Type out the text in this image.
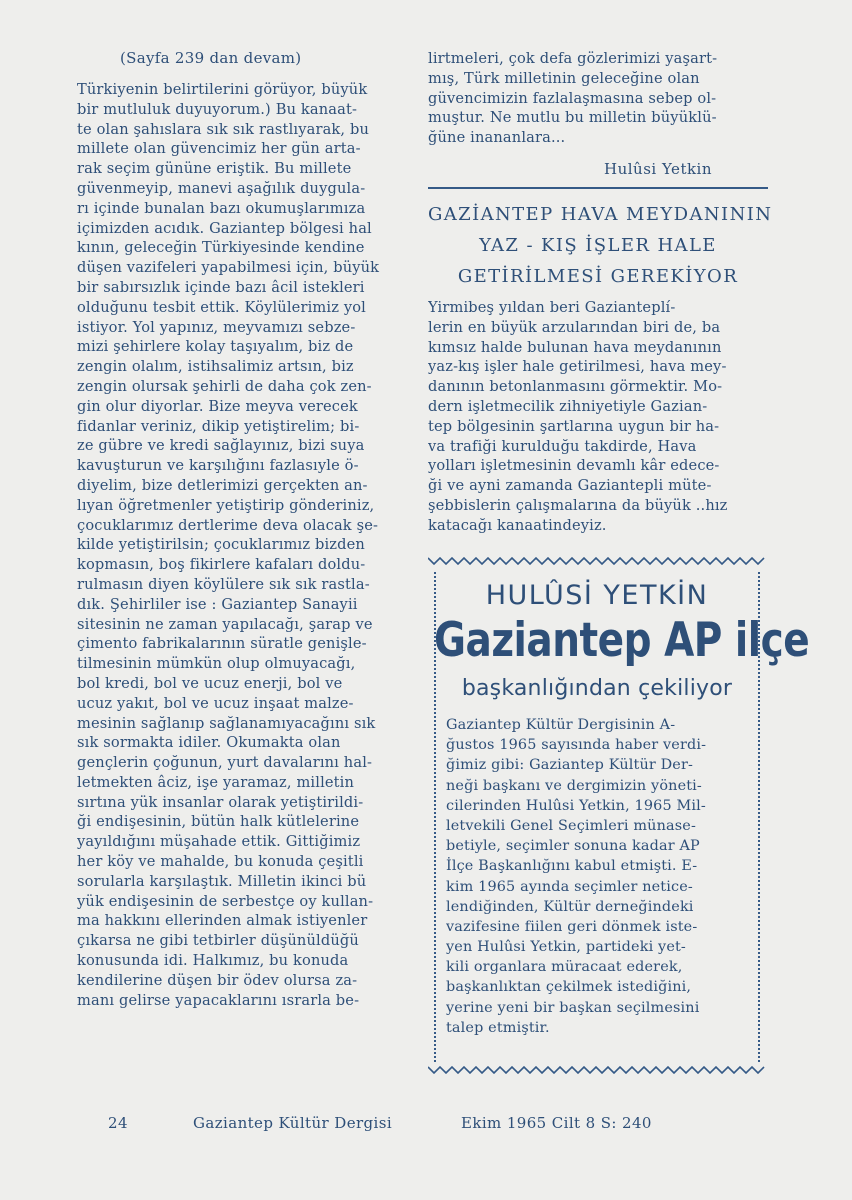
(Sayfa 239 dan devam)
Türkiyenin belirtilerini görüyor, büyük
bir mutluluk duyuyorum.) Bu kanaat-
te olan şahıslara sık sık rastlıyarak, bu
millete olan güvencimiz her gün arta-
rak seçim gününe eriştik. Bu millete
güvenmeyip, manevi aşağılık duygula-
rı içinde bunalan bazı okumuşlarımıza
içimizden acıdık. Gaziantep bölgesi hal
kının, geleceğin Türkiyesinde kendine
düşen vazifeleri yapabilmesi için, büyük
bir sabırsızlık içinde bazı âcil istekleri
olduğunu tesbit ettik. Köylülerimiz yol
istiyor. Yol yapınız, meyvamızı sebze-
mizi şehirlere kolay taşıyalım, biz de
zengin olalım, istihsalimiz artsın, biz
zengin olursak şehirli de daha çok zen-
gin olur diyorlar. Bize meyva verecek
fidanlar veriniz, dikip yetiştirelim; bi-
ze gübre ve kredi sağlayınız, bizi suya
kavuşturun ve karşılığını fazlasıyle ö-
diyelim, bize detlerimizi gerçekten an-
lıyan öğretmenler yetiştirip gönderiniz,
çocuklarımız dertlerime deva olacak şe-
kilde yetiştirilsin; çocuklarımız bizden
kopmasın, boş fikirlere kafaları doldu-
rulmasın diyen köylülere sık sık rastla-
dık. Şehirliler ise : Gaziantep Sanayii
sitesinin ne zaman yapılacağı, şarap ve
çimento fabrikalarının süratle genişle-
tilmesinin mümkün olup olmuyacağı,
bol kredi, bol ve ucuz enerji, bol ve
ucuz yakıt, bol ve ucuz inşaat malze-
mesinin sağlanıp sağlanamıyacağını sık
sık sormakta idiler. Okumakta olan
gençlerin çoğunun, yurt davalarını hal-
letmekten âciz, işe yaramaz, milletin
sırtına yük insanlar olarak yetiştirildi-
ği endişesinin, bütün halk kütlelerine
yayıldığını müşahade ettik. Gittiğimiz
her köy ve mahalde, bu konuda çeşitli
sorularla karşılaştık. Milletin ikinci bü
yük endişesinin de serbestçe oy kullan-
ma hakkını ellerinden almak istiyenler
çıkarsa ne gibi tetbirler düşünüldüğü
konusunda idi. Halkımız, bu konuda
kendilerine düşen bir ödev olursa za-
manı gelirse yapacaklarını ısrarla be-
lirtmeleri, çok defa gözlerimizi yaşart-
mış, Türk milletinin geleceğine olan
güvencimizin fazlalaşmasına sebep ol-
muştur. Ne mutlu bu milletin büyüklü-
ğüne inananlara...
Hulûsi Yetkin
GAZİANTEP HAVA MEYDANININ
YAZ - KIŞ İŞLER HALE
GETİRİLMESİ GEREKİYOR
Yirmibeş yıldan beri Gazianteplí-
lerin en büyük arzularından biri de, ba
kımsız halde bulunan hava meydanının
yaz-kış işler hale getirilmesi, hava mey-
danının betonlanmasını görmektir. Mo-
dern işletmecilik zihniyetiyle Gazian-
tep bölgesinin şartlarına uygun bir ha-
va trafiği kurulduğu takdirde, Hava
yolları işletmesinin devamlı kâr edece-
ği ve ayni zamanda Gaziantepli müte-
şebbislerin çalışmalarına da büyük ..hız
katacağı kanaatindeyiz.
HULÛSİ YETKİN
Gaziantep AP ilçe
başkanlığından çekiliyor
Gaziantep Kültür Dergisinin A-
ğustos 1965 sayısında haber verdi-
ğimiz gibi: Gaziantep Kültür Der-
neği başkanı ve dergimizin yöneti-
cilerinden Hulûsi Yetkin, 1965 Mil-
letvekili Genel Seçimleri münase-
betiyle, seçimler sonuna kadar AP
İlçe Başkanlığını kabul etmişti. E-
kim 1965 ayında seçimler netice-
lendiğinden, Kültür derneğindeki
vazifesine fiilen geri dönmek iste-
yen Hulûsi Yetkin, partideki yet-
kili organlara müracaat ederek,
başkanlıktan çekilmek istediğini,
yerine yeni bir başkan seçilmesini
talep etmiştir.
24	Gaziantep Kültür Dergisi	Ekim 1965 Cilt 8 S: 240
